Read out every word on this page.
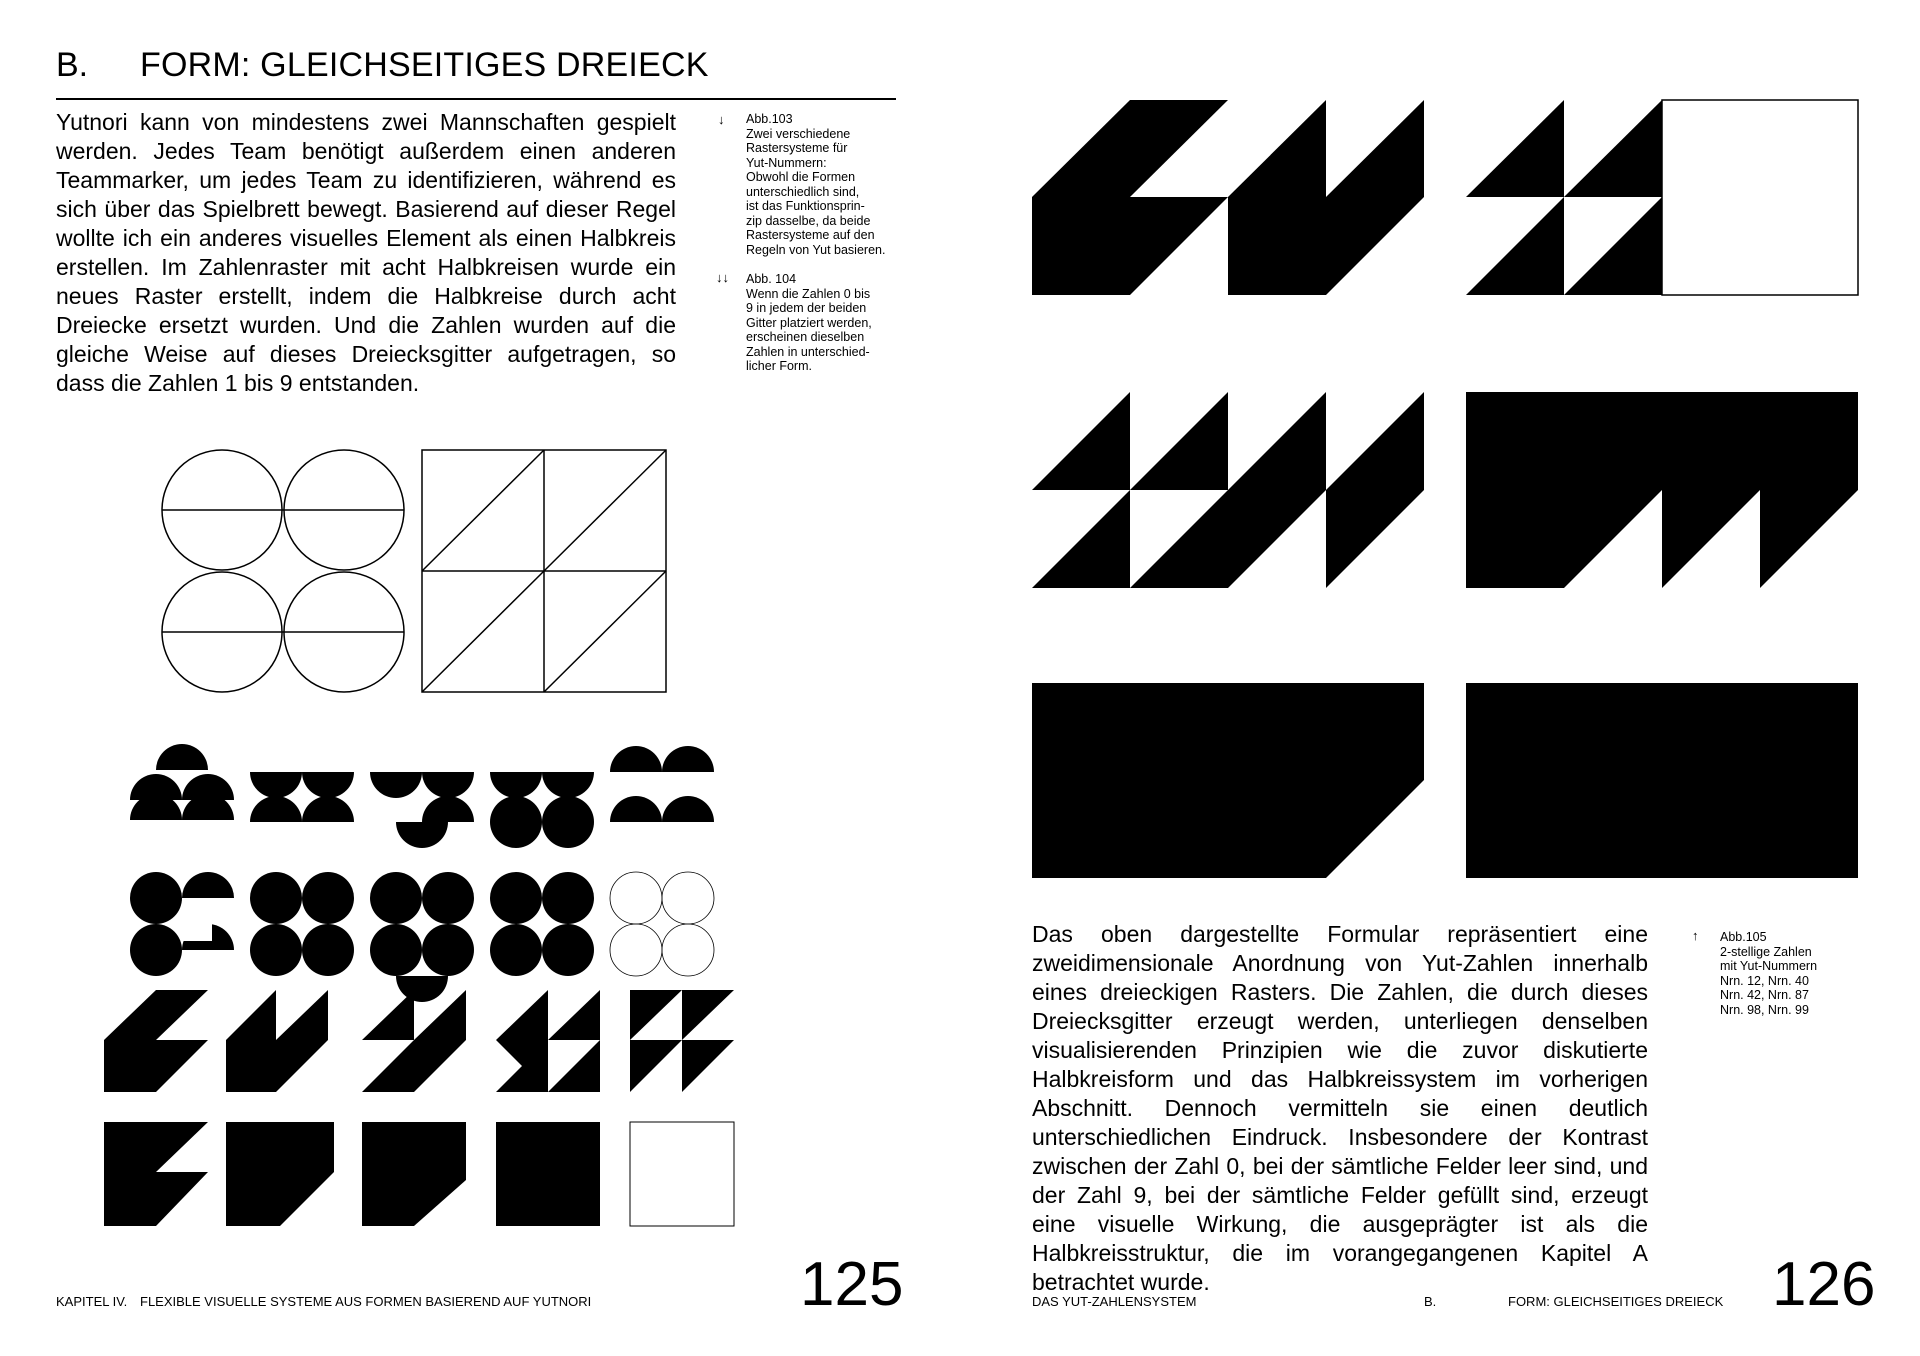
B. FORM: GLEICHSEITIGES DREIECK
Yutnori kann von mindestens zwei Mannschaften gespielt werden. Jedes Team benötigt außerdem einen anderen Teammarker, um jedes Team zu identifizieren, während es sich über das Spielbrett bewegt. Basierend auf dieser Regel wollte ich ein anderes visuelles Element als einen Halbkreis erstellen. Im Zahlenraster mit acht Halbkreisen wurde ein neues Raster erstellt, indem die Halbkreise durch acht Dreiecke ersetzt wurden. Und die Zahlen wurden auf die gleiche Weise auf dieses Dreiecksgitter aufgetragen, so dass die Zahlen 1 bis 9 entstanden.
↓ Abb.103
Zwei verschiedene
Rastersysteme für
Yut-Nummern:
Obwohl die Formen
unterschiedlich sind,
ist das Funktionsprin-
zip dasselbe, da beide
Rastersysteme auf den
Regeln von Yut basieren.
↓↓ Abb. 104
Wenn die Zahlen 0 bis
9 in jedem der beiden
Gitter platziert werden,
erscheinen dieselben
Zahlen in unterschied-
licher Form.
KAPITEL IV. FLEXIBLE VISUELLE SYSTEME AUS FORMEN BASIEREND AUF YUTNORI	125
Das oben dargestellte Formular repräsentiert eine zweidimensionale Anordnung von Yut-Zahlen innerhalb eines dreieckigen Rasters. Die Zahlen, die durch dieses Dreiecksgitter erzeugt werden, unterliegen denselben visualisierenden Prinzipien wie die zuvor diskutierte Halbkreisform und das Halbkreissystem im vorherigen Abschnitt. Dennoch vermitteln sie einen deutlich unterschiedlichen Eindruck. Insbesondere der Kontrast zwischen der Zahl 0, bei der sämtliche Felder leer sind, und der Zahl 9, bei der sämtliche Felder gefüllt sind, erzeugt eine visuelle Wirkung, die ausgeprägter ist als die Halbkreisstruktur, die im vorangegangenen Kapitel A betrachtet wurde.
↑ Abb.105
2-stellige Zahlen
mit Yut-Nummern
Nrn. 12, Nrn. 40
Nrn. 42, Nrn. 87
Nrn. 98, Nrn. 99
DAS YUT-ZAHLENSYSTEM	B.	FORM: GLEICHSEITIGES DREIECK 126
